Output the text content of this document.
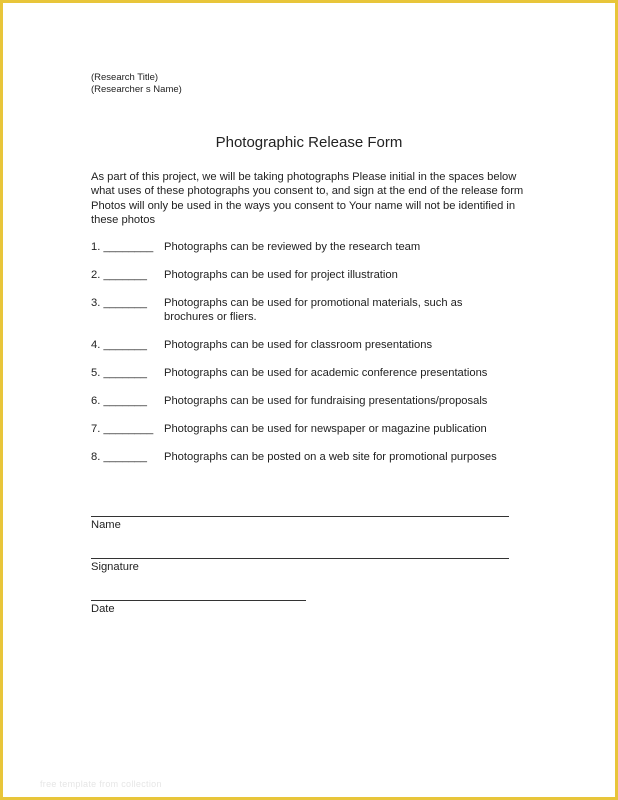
(Research Title)
(Researcher s Name)
Photographic Release Form
As part of this project, we will be taking photographs Please initial in the spaces below what uses of these photographs you consent to, and sign at the end of the release form Photos will only be used in the ways you consent to Your name will not be identified in these photos
1. ________ Photographs can be reviewed by the research team
2. _______ Photographs can be used for project illustration
3. _______ Photographs can be used for promotional materials, such as brochures or fliers.
4. _______ Photographs can be used for classroom presentations
5. _______ Photographs can be used for academic conference presentations
6. _______ Photographs can be used for fundraising presentations/proposals
7. ________ Photographs can be used for newspaper or magazine publication
8. _______ Photographs can be posted on a web site for promotional purposes
Name
Signature
Date
free template from collection
